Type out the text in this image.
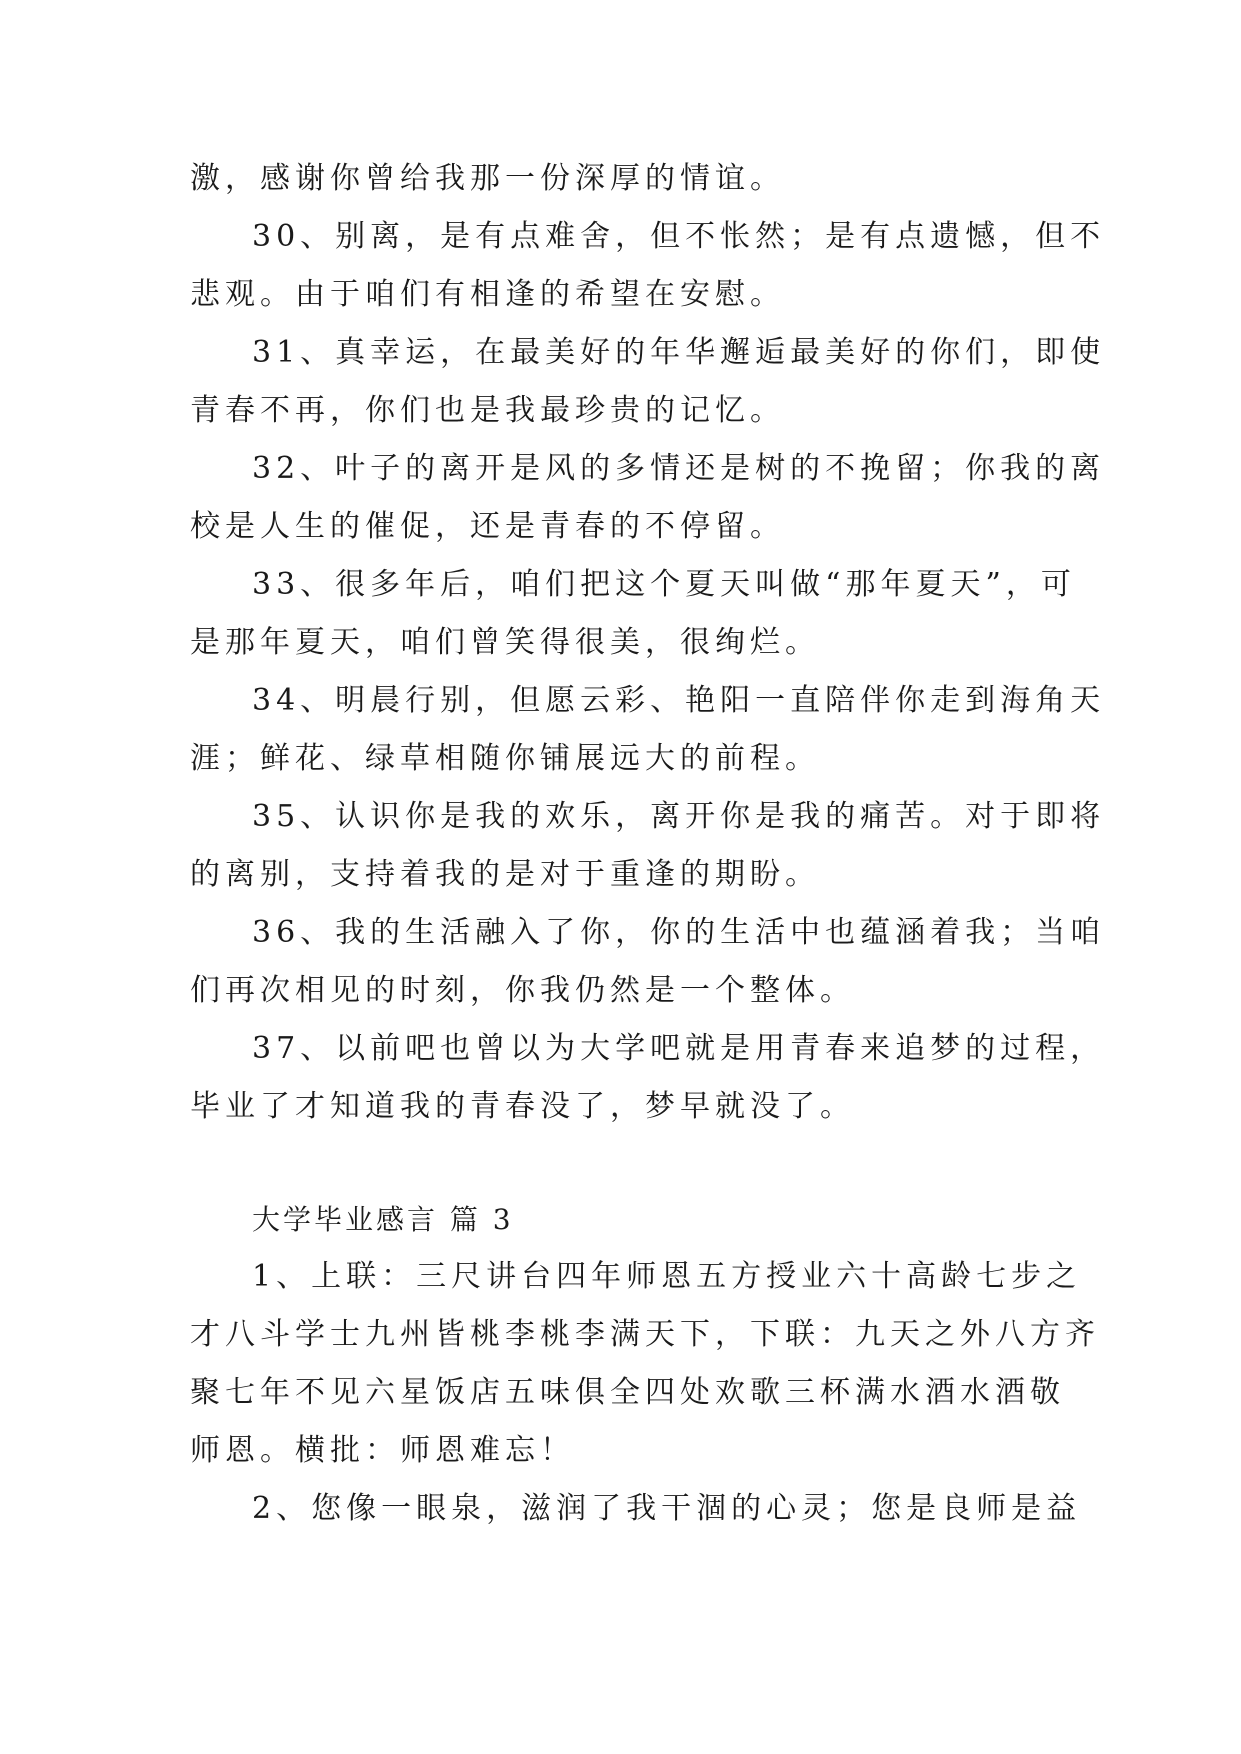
激，感谢你曾给我那一份深厚的情谊。
30、别离，是有点难舍，但不怅然；是有点遗憾，但不
悲观。由于咱们有相逢的希望在安慰。
31、真幸运，在最美好的年华邂逅最美好的你们，即使
青春不再，你们也是我最珍贵的记忆。
32、叶子的离开是风的多情还是树的不挽留；你我的离
校是人生的催促，还是青春的不停留。
33、很多年后，咱们把这个夏天叫做“那年夏天”，可
是那年夏天，咱们曾笑得很美，很绚烂。
34、明晨行别，但愿云彩、艳阳一直陪伴你走到海角天
涯；鲜花、绿草相随你铺展远大的前程。
35、认识你是我的欢乐，离开你是我的痛苦。对于即将
的离别，支持着我的是对于重逢的期盼。
36、我的生活融入了你，你的生活中也蕴涵着我；当咱
们再次相见的时刻，你我仍然是一个整体。
37、以前吧也曾以为大学吧就是用青春来追梦的过程，
毕业了才知道我的青春没了，梦早就没了。
大学毕业感言 篇 3
1、上联：三尺讲台四年师恩五方授业六十高龄七步之
才八斗学士九州皆桃李桃李满天下，下联：九天之外八方齐
聚七年不见六星饭店五味俱全四处欢歌三杯满水酒水酒敬
师恩。横批：师恩难忘！
2、您像一眼泉，滋润了我干涸的心灵；您是良师是益
